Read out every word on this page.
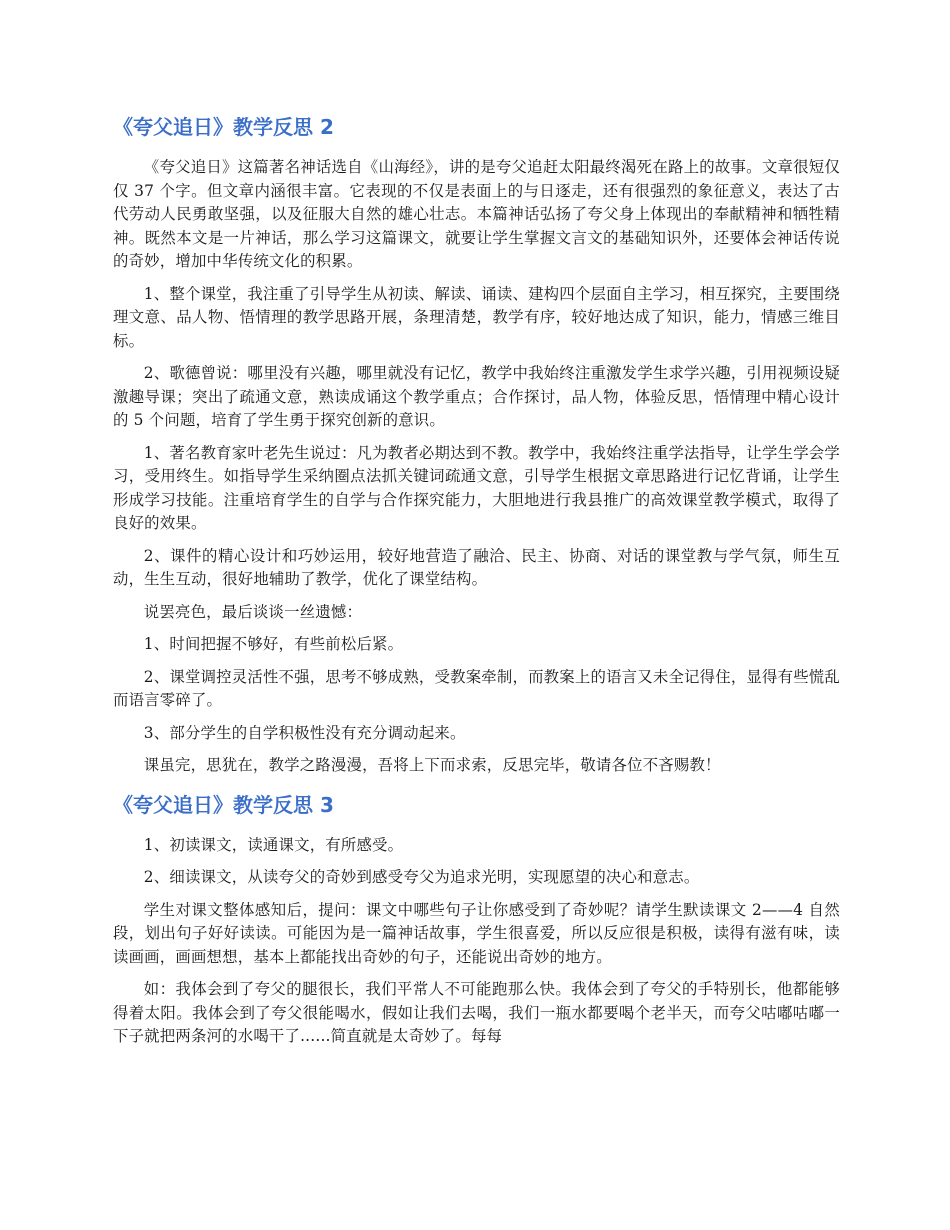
《夸父追日》教学反思 2

《夸父追日》这篇著名神话选自《山海经》，讲的是夸父追赶太阳最终渴死在路上的故事。文章很短仅仅 37 个字。但文章内涵很丰富。它表现的不仅是表面上的与日逐走，还有很强烈的象征意义，表达了古代劳动人民勇敢坚强，以及征服大自然的雄心壮志。本篇神话弘扬了夸父身上体现出的奉献精神和牺牲精神。既然本文是一片神话，那么学习这篇课文，就要让学生掌握文言文的基础知识外，还要体会神话传说的奇妙，增加中华传统文化的积累。

1、整个课堂，我注重了引导学生从初读、解读、诵读、建构四个层面自主学习，相互探究，主要围绕理文意、品人物、悟情理的教学思路开展，条理清楚，教学有序，较好地达成了知识，能力，情感三维目标。

2、歌德曾说：哪里没有兴趣，哪里就没有记忆，教学中我始终注重激发学生求学兴趣，引用视频设疑激趣导课；突出了疏通文意，熟读成诵这个教学重点；合作探讨，品人物，体验反思，悟情理中精心设计的 5 个问题，培育了学生勇于探究创新的意识。

1、著名教育家叶老先生说过：凡为教者必期达到不教。教学中，我始终注重学法指导，让学生学会学习，受用终生。如指导学生采纳圈点法抓关键词疏通文意，引导学生根据文章思路进行记忆背诵，让学生形成学习技能。注重培育学生的自学与合作探究能力，大胆地进行我县推广的高效课堂教学模式，取得了良好的效果。

2、课件的精心设计和巧妙运用，较好地营造了融洽、民主、协商、对话的课堂教与学气氛，师生互动，生生互动，很好地辅助了教学，优化了课堂结构。

说罢亮色，最后谈谈一丝遗憾：

1、时间把握不够好，有些前松后紧。

2、课堂调控灵活性不强，思考不够成熟，受教案牵制，而教案上的语言又未全记得住，显得有些慌乱而语言零碎了。

3、部分学生的自学积极性没有充分调动起来。

课虽完，思犹在，教学之路漫漫，吾将上下而求索，反思完毕，敬请各位不吝赐教！

《夸父追日》教学反思 3

1、初读课文，读通课文，有所感受。

2、细读课文，从读夸父的奇妙到感受夸父为追求光明，实现愿望的决心和意志。

学生对课文整体感知后，提问：课文中哪些句子让你感受到了奇妙呢？请学生默读课文 2——4 自然段，划出句子好好读读。可能因为是一篇神话故事，学生很喜爱，所以反应很是积极，读得有滋有味，读读画画，画画想想，基本上都能找出奇妙的句子，还能说出奇妙的地方。

如：我体会到了夸父的腿很长，我们平常人不可能跑那么快。我体会到了夸父的手特别长，他都能够得着太阳。我体会到了夸父很能喝水，假如让我们去喝，我们一瓶水都要喝个老半天，而夸父咕嘟咕嘟一下子就把两条河的水喝干了......简直就是太奇妙了。每每
